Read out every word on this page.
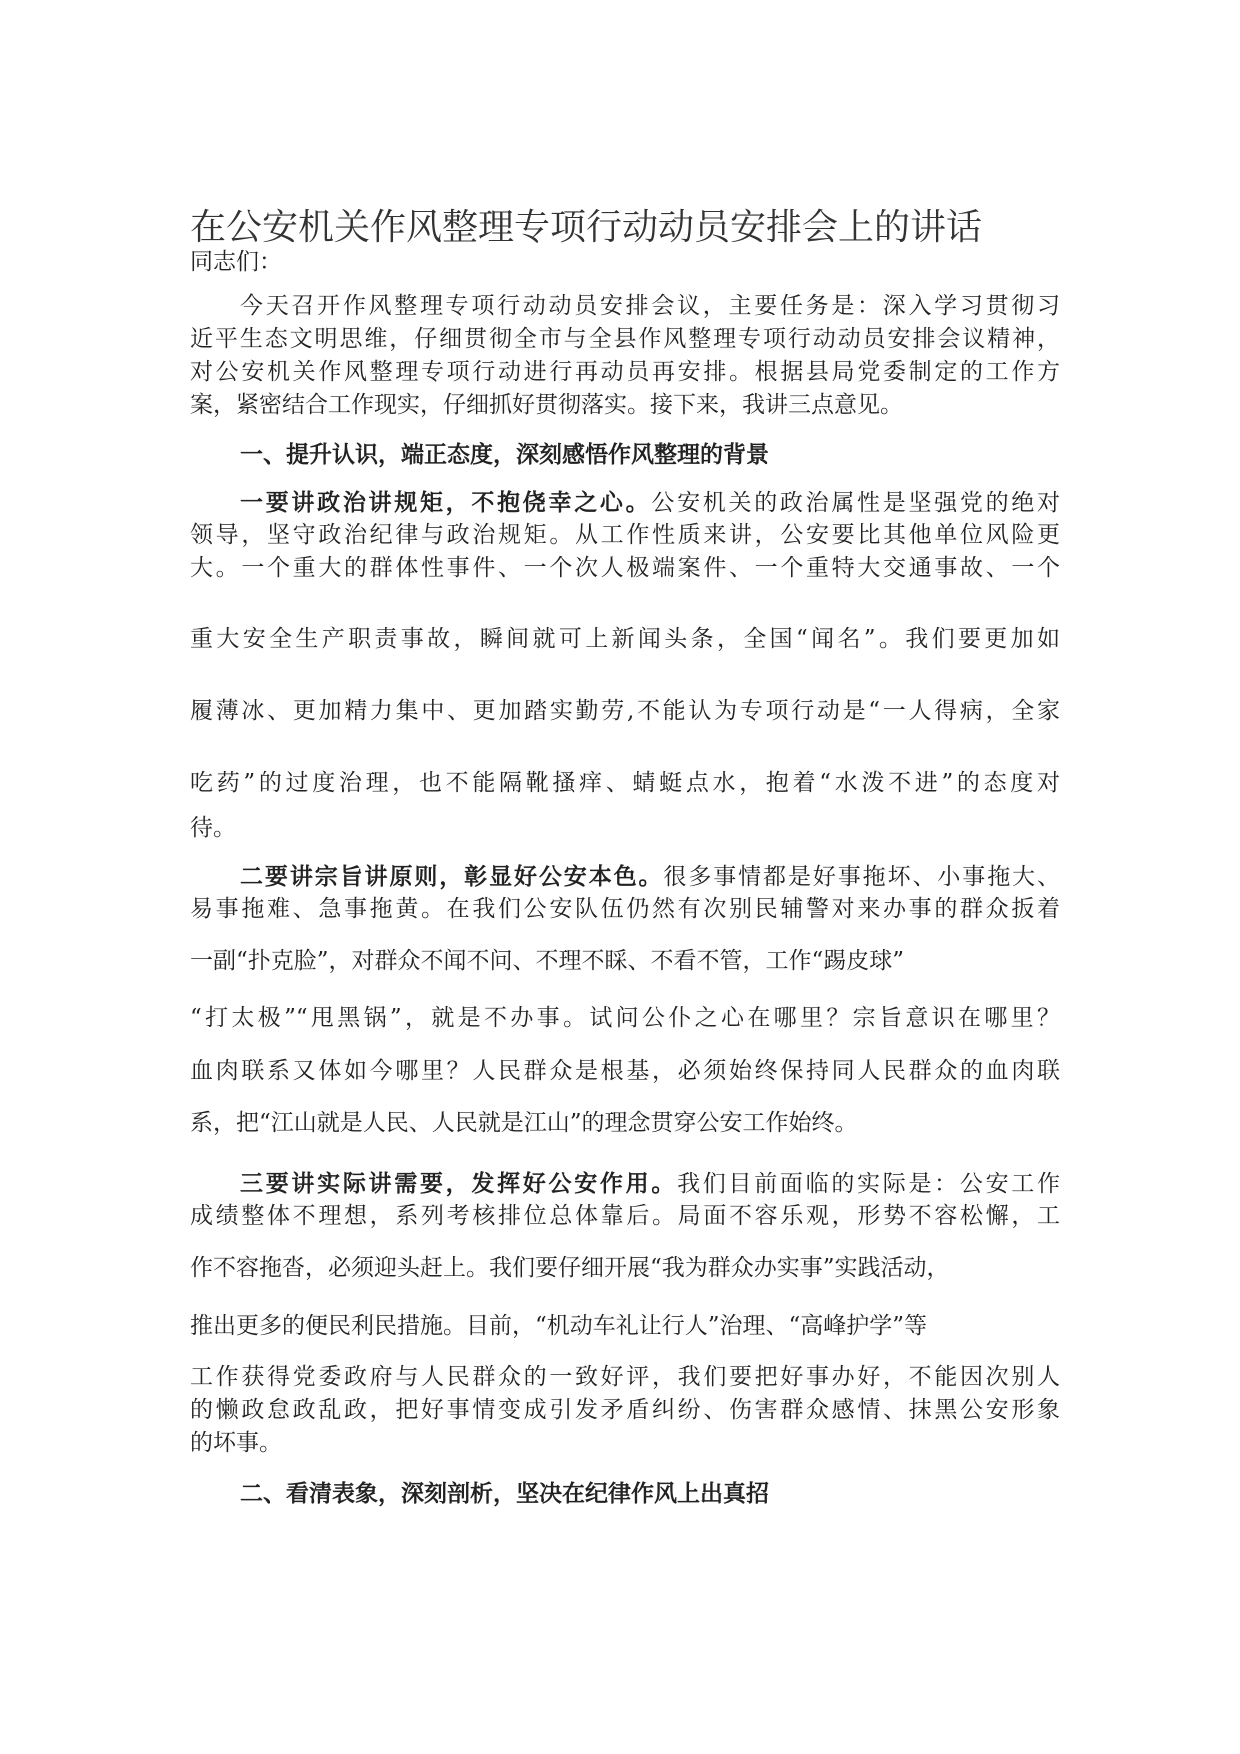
在公安机关作风整理专项行动动员安排会上的讲话
同志们：
今天召开作风整理专项行动动员安排会议，主要任务是：深入学习贯彻习
近平生态文明思维，仔细贯彻全市与全县作风整理专项行动动员安排会议精神，
对公安机关作风整理专项行动进行再动员再安排。根据县局党委制定的工作方
案，紧密结合工作现实，仔细抓好贯彻落实。接下来，我讲三点意见。
一、提升认识，端正态度，深刻感悟作风整理的背景
一要讲政治讲规矩，不抱侥幸之心。公安机关的政治属性是坚强党的绝对
领导，坚守政治纪律与政治规矩。从工作性质来讲，公安要比其他单位风险更
大。一个重大的群体性事件、一个次人极端案件、一个重特大交通事故、一个
重大安全生产职责事故，瞬间就可上新闻头条，全国“闻名”。我们要更加如
履薄冰、更加精力集中、更加踏实勤劳,不能认为专项行动是“一人得病，全家
吃药”的过度治理，也不能隔靴搔痒、蜻蜓点水，抱着“水泼不进”的态度对
待。
二要讲宗旨讲原则，彰显好公安本色。很多事情都是好事拖坏、小事拖大、
易事拖难、急事拖黄。在我们公安队伍仍然有次别民辅警对来办事的群众扳着
一副“扑克脸”，对群众不闻不问、不理不睬、不看不管，工作“踢皮球”
“打太极”“甩黑锅”，就是不办事。试问公仆之心在哪里？宗旨意识在哪里？
血肉联系又体如今哪里？人民群众是根基，必须始终保持同人民群众的血肉联
系，把“江山就是人民、人民就是江山”的理念贯穿公安工作始终。
三要讲实际讲需要，发挥好公安作用。我们目前面临的实际是：公安工作
成绩整体不理想，系列考核排位总体靠后。局面不容乐观，形势不容松懈，工
作不容拖沓，必须迎头赶上。我们要仔细开展“我为群众办实事”实践活动，
推出更多的便民利民措施。目前，“机动车礼让行人”治理、“高峰护学”等
工作获得党委政府与人民群众的一致好评，我们要把好事办好，不能因次别人
的懒政怠政乱政，把好事情变成引发矛盾纠纷、伤害群众感情、抹黑公安形象
的坏事。
二、看清表象，深刻剖析，坚决在纪律作风上出真招
